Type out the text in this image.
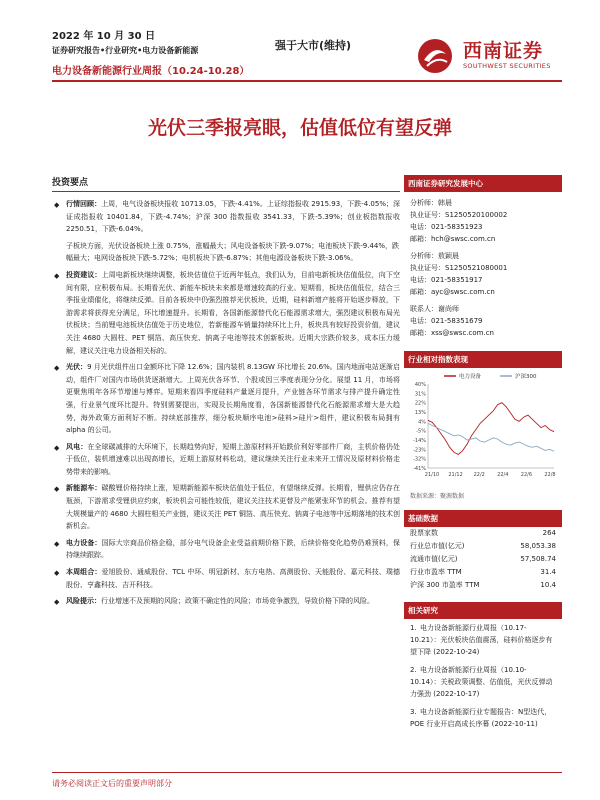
2022 年 10 月 30 日
证券研究报告•行业研究•电力设备新能源	强于大市(维持)
电力设备新能源行业周报（10.24-10.28）
西南证券
SOUTHWEST SECURITIES
光伏三季报亮眼，估值低位有望反弹
投资要点
◆ 行情回顾：上周，电气设备板块报收 10713.05，下跌-4.41%。上证综指报收 2915.93，下跌-4.05%；深证成指报收 10401.84，下跌-4.74%；沪深 300 指数报收 3541.33，下跌-5.39%；创业板指数报收 2250.51，下跌-6.04%。
子板块方面，光伏设备板块上涨 0.75%，涨幅最大；风电设备板块下跌-9.07%；电池板块下跌-9.44%，跌幅最大；电网设备板块下跌-5.72%；电机板块下跌-6.87%；其他电源设备板块下跌-3.06%。
◆ 投资建议：上周电新板块继续调整，板块估值位于近两年低点，我们认为，目前电新板块估值低位，向下空间有限，应积极布局。长期看光伏、新能车板块未来都是增速较高的行业。短期看，板块估值低位，结合三季报业绩催化，将继续反弹。目前各板块中仍强烈推荐光伏板块，近期，硅料新增产能将开始逐步释放，下游需求将获得充分满足，环比增速提升。长期看，各国新能源替代化石能源需求增大，强烈建议积极布局光伏板块；当前锂电池板块估值处于历史地位，若新能源车销量持续环比上升，板块具有较好投资价值，建议关注 4680 大圆柱、PET 铜箔、高压快充、钠离子电池等技术创新板块。近期大宗跌价较多，成本压力缓解，建议关注电力设备相关标的。
◆ 光伏：9 月光伏组件出口金额环比下降 12.6%；国内装机 8.13GW 环比增长 20.6%。国内地面电站逐渐启动，组件厂对国内市场供货逐渐增大。上周光伏各环节、个股或因三季度表现分分化。展望 11 月，市场将更聚焦明年各环节增速与博弈。短期来看四季度硅料产量逐月提升，产业链各环节需求与排产提升确定性强，行业景气度环比提升。特别需要提出，实现及长期角度看，各国新能源替代化石能源需求增大是大趋势，海外政策方面利好不断。持续底部推荐，细分板块顺序电池>硅料>硅片>组件，建议积极布局拥有 alpha 的公司。
◆ 风电：在全球碳减排的大环境下，长期趋势向好，短期上游原材料开始跌价利好零部件厂商，主机价格仍处于低位，装机增速难以出现高增长，近期上游原材料松动，建议继续关注行业未来开工情况及原材料价格走势带来的影响。
◆ 新能源车：碳酸锂价格持续上涨，短期新能源车板块估值处于低位，有望继续反弹。长期看，锂供应仍存在瓶颈，下游需求受锂供应约束，板块机会可能性较低，建议关注技术更替及产能紧张环节的机会。推荐有望大规模量产的 4680 大圆柱相关产业链，建议关注 PET 铜箔、高压快充、钠离子电池等中远期落地的技术创新机会。
◆ 电力设备：国际大宗商品价格企稳，部分电气设备企业受益前期价格下跌，后续价格变化趋势仍难预料，保持继续跟踪。
◆ 本周组合：爱旭股份、通威股份、TCL 中环、明冠新材、东方电热、高测股份、天能股份、嘉元科技、璞德股份、亨鑫科技、吉开科技。
◆ 风险提示：行业增速不及预期的风险；政策不确定性的风险；市场竞争激烈，导致价格下降的风险。
西南证券研究发展中心
分析师：韩晨
执业证号：S1250520100002
电话：021-58351923
邮箱：hch@swsc.com.cn
分析师：敖颖晨
执业证号：S1250521080001
电话：021-58351917
邮箱：ayc@swsc.com.cn
联系人：谢尚师
电话：021-58351679
邮箱：xss@swsc.com.cn
行业相对指数表现
40%
31%
22%
13%
4%
-5%
-14%
-23%
-32%
-41%
21/10 21/12 22/2 22/4 22/6 22/8
电力设备	沪深300
数据来源：聚源数据
基础数据
股票家数	264
行业总市值(亿元)	58,053.38
流通市值(亿元)	57,508.74
行业市盈率 TTM	31.4
沪深 300 市盈率 TTM	10.4
相关研究
1. 电力设备新能源行业周报（10.17-10.21）：光伏板块估值震荡，硅料价格逐步有望下降 (2022-10-24)
2. 电力设备新能源行业周报（10.10-10.14）：关税政策调整、估值低，光伏反弹动力强劲 (2022-10-17)
3. 电力设备新能源行业专题报告：N型迭代，POE 行业开启高成长序幕 (2022-10-11)
请务必阅读正文后的重要声明部分
